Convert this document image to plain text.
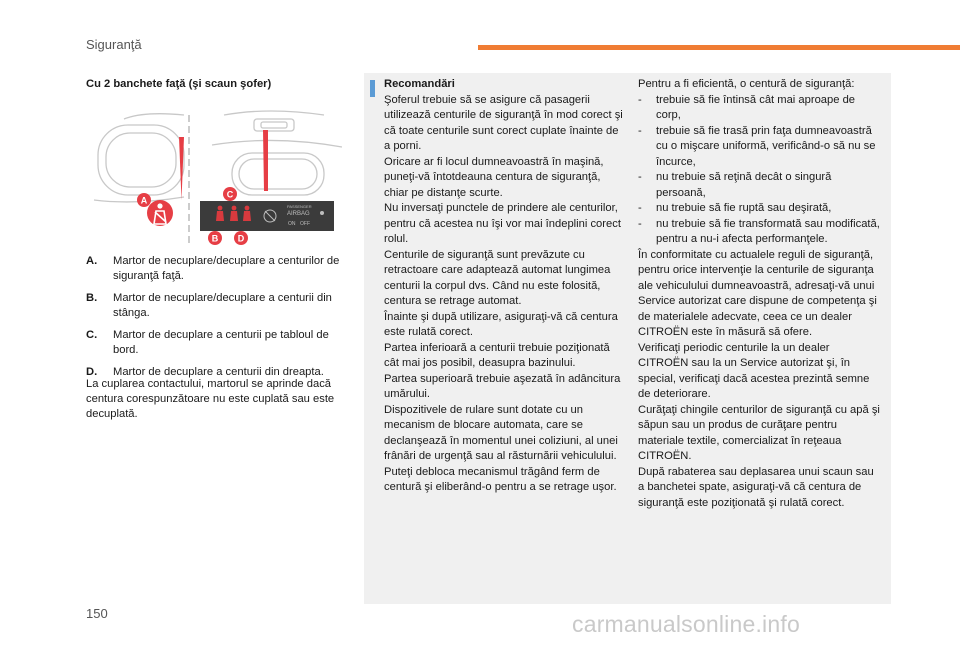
Siguranţă
Cu 2 banchete faţă (şi scaun şofer)
PASSENGER
AIRBAG
ON OFF
A
C
B D
A.	Martor de necuplare/decuplare a centurilor de siguranţă faţă.
B.	Martor de necuplare/decuplare a centurii din stânga.
C.	Martor de decuplare a centurii pe tabloul de bord.
D.	Martor de decuplare a centurii din dreapta.
La cuplarea contactului, martorul se aprinde dacă centura corespunzătoare nu este cuplată sau este decuplată.
Recomandări
Şoferul trebuie să se asigure că pasagerii utilizează centurile de siguranţă în mod corect şi că toate centurile sunt corect cuplate înainte de a porni.
Oricare ar fi locul dumneavoastră în maşină, puneţi-vă întotdeauna centura de siguranţă, chiar pe distanţe scurte.
Nu inversaţi punctele de prindere ale centurilor, pentru că acestea nu îşi vor mai îndeplini corect rolul.
Centurile de siguranţă sunt prevăzute cu retractoare care adaptează automat lungimea centurii la corpul dvs. Când nu este folosită, centura se retrage automat.
Înainte şi după utilizare, asiguraţi-vă că centura este rulată corect.
Partea inferioară a centurii trebuie poziţionată cât mai jos posibil, deasupra bazinului.
Partea superioară trebuie aşezată în adâncitura umărului.
Dispozitivele de rulare sunt dotate cu un mecanism de blocare automata, care se declanşează în momentul unei coliziuni, al unei frânări de urgenţă sau al răsturnării vehiculului. Puteţi debloca mecanismul trăgând ferm de centură şi eliberând-o pentru a se retrage uşor.
Pentru a fi eficientă, o centură de siguranţă:
-	trebuie să fie întinsă cât mai aproape de corp,
-	trebuie să fie trasă prin faţa dumneavoastră cu o mişcare uniformă, verificând-o să nu se încurce,
-	nu trebuie să reţină decât o singură persoană,
-	nu trebuie să fie ruptă sau deşirată,
-	nu trebuie să fie transformată sau modificată, pentru a nu-i afecta performanţele.
În conformitate cu actualele reguli de siguranţă, pentru orice intervenţie la centurile de siguranţa ale vehiculului dumneavoastră, adresaţi-vă unui Service autorizat care dispune de competenţa şi de materialele adecvate, ceea ce un dealer CITROËN este în măsură să ofere.
Verificaţi periodic centurile la un dealer CITROËN sau la un Service autorizat şi, în special, verificaţi dacă acestea prezintă semne de deteriorare.
Curăţaţi chingile centurilor de siguranţă cu apă şi săpun sau un produs de curăţare pentru materiale textile, comercializat în reţeaua CITROËN.
După rabaterea sau deplasarea unui scaun sau a banchetei spate, asiguraţi-vă că centura de siguranţă este poziţionată şi rulată corect.
150	carmanualsonline.info
